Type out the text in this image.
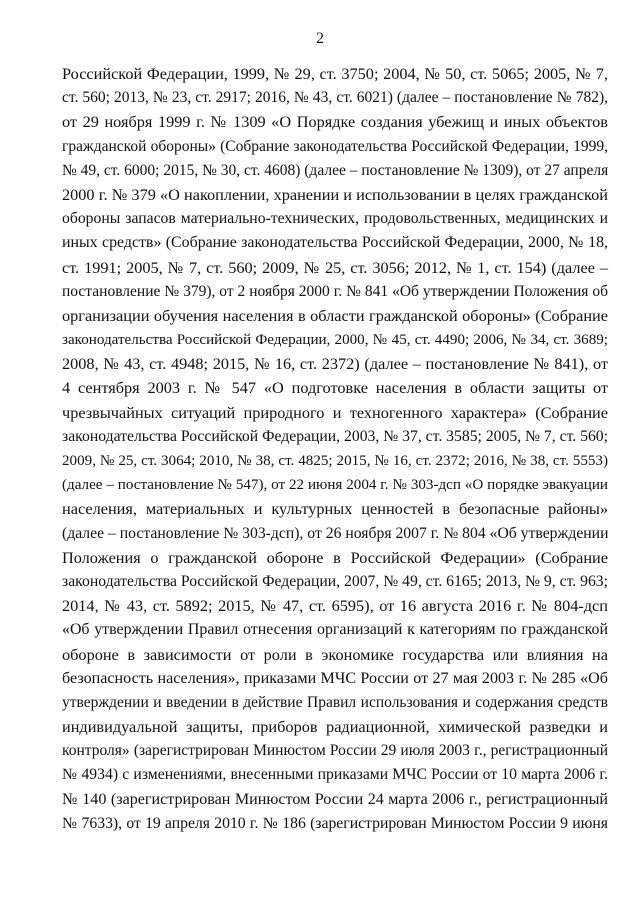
2
Российской Федерации, 1999, № 29, ст. 3750; 2004, № 50, ст. 5065; 2005, № 7,
ст. 560; 2013, № 23, ст. 2917; 2016, № 43, ст. 6021) (далее – постановление № 782),
от 29 ноября 1999 г. № 1309 «О Порядке создания убежищ и иных объектов
гражданской обороны» (Собрание законодательства Российской Федерации, 1999,
№ 49, ст. 6000; 2015, № 30, ст. 4608) (далее – постановление № 1309), от 27 апреля
2000 г. № 379 «О накоплении, хранении и использовании в целях гражданской
обороны запасов материально-технических, продовольственных, медицинских и
иных средств» (Собрание законодательства Российской Федерации, 2000, № 18,
ст. 1991; 2005, № 7, ст. 560; 2009, № 25, ст. 3056; 2012, № 1, ст. 154) (далее –
постановление № 379), от 2 ноября 2000 г. № 841 «Об утверждении Положения об
организации обучения населения в области гражданской обороны» (Собрание
законодательства Российской Федерации, 2000, № 45, ст. 4490; 2006, № 34, ст. 3689;
2008, № 43, ст. 4948; 2015, № 16, ст. 2372) (далее – постановление № 841), от
4 сентября 2003 г. № 547 «О подготовке населения в области защиты от
чрезвычайных ситуаций природного и техногенного характера» (Собрание
законодательства Российской Федерации, 2003, № 37, ст. 3585; 2005, № 7, ст. 560;
2009, № 25, ст. 3064; 2010, № 38, ст. 4825; 2015, № 16, ст. 2372; 2016, № 38, ст. 5553)
(далее – постановление № 547), от 22 июня 2004 г. № 303-дсп «О порядке эвакуации
населения, материальных и культурных ценностей в безопасные районы»
(далее – постановление № 303-дсп), от 26 ноября 2007 г. № 804 «Об утверждении
Положения о гражданской обороне в Российской Федерации» (Собрание
законодательства Российской Федерации, 2007, № 49, ст. 6165; 2013, № 9, ст. 963;
2014, № 43, ст. 5892; 2015, № 47, ст. 6595), от 16 августа 2016 г. № 804-дсп
«Об утверждении Правил отнесения организаций к категориям по гражданской
обороне в зависимости от роли в экономике государства или влияния на
безопасность населения», приказами МЧС России от 27 мая 2003 г. № 285 «Об
утверждении и введении в действие Правил использования и содержания средств
индивидуальной защиты, приборов радиационной, химической разведки и
контроля» (зарегистрирован Минюстом России 29 июля 2003 г., регистрационный
№ 4934) с изменениями, внесенными приказами МЧС России от 10 марта 2006 г.
№ 140 (зарегистрирован Минюстом России 24 марта 2006 г., регистрационный
№ 7633), от 19 апреля 2010 г. № 186 (зарегистрирован Минюстом России 9 июня
